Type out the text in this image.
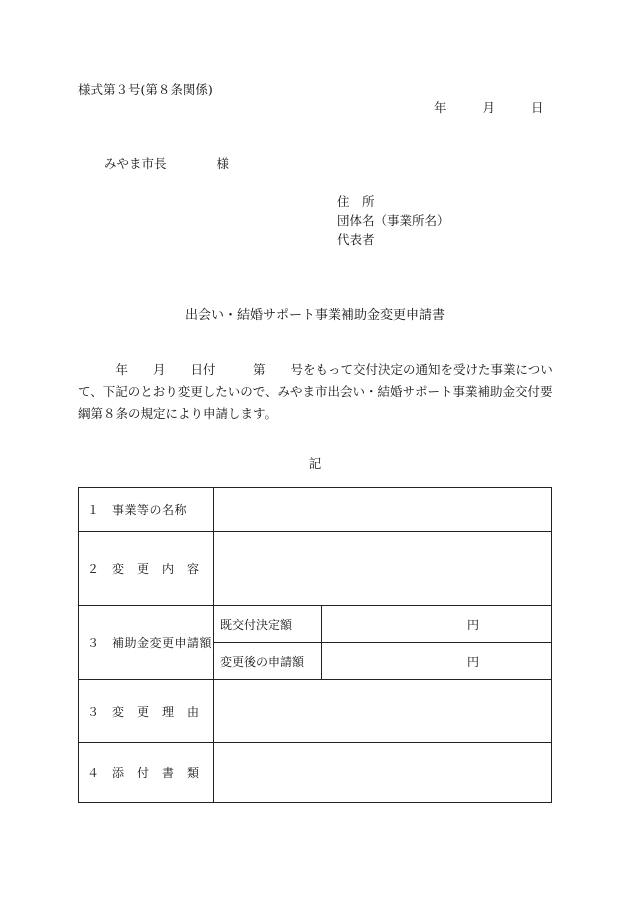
様式第３号(第８条関係)
年	月	日
みやま市長	様
住　所
団体名（事業所名）
代表者
出会い・結婚サポート事業補助金変更申請書
　　　年　　月　　日付　　　第　　号をもって交付決定の通知を受けた事業について、下記のとおり変更したいので、みやま市出会い・結婚サポート事業補助金交付要綱第８条の規定により申請します。
記
１　事業等の名称		
２　変　更　内　容		
３　補助金変更申請額	既交付決定額	円
	変更後の申請額	円
３　変　更　理　由		
４　添　付　書　類		
